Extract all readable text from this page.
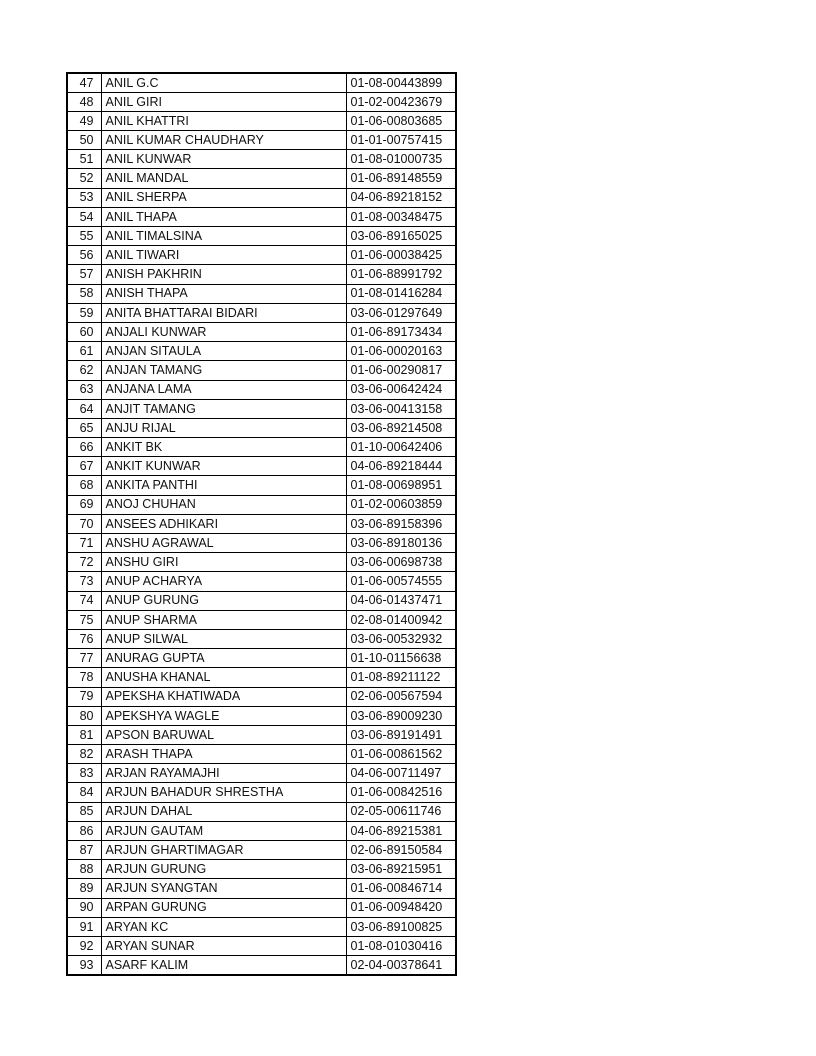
47	ANIL G.C	01-08-00443899
48	ANIL GIRI	01-02-00423679
49	ANIL KHATTRI	01-06-00803685
50	ANIL KUMAR CHAUDHARY	01-01-00757415
51	ANIL KUNWAR	01-08-01000735
52	ANIL MANDAL	01-06-89148559
53	ANIL SHERPA	04-06-89218152
54	ANIL THAPA	01-08-00348475
55	ANIL TIMALSINA	03-06-89165025
56	ANIL TIWARI	01-06-00038425
57	ANISH PAKHRIN	01-06-88991792
58	ANISH THAPA	01-08-01416284
59	ANITA BHATTARAI BIDARI	03-06-01297649
60	ANJALI KUNWAR	01-06-89173434
61	ANJAN SITAULA	01-06-00020163
62	ANJAN TAMANG	01-06-00290817
63	ANJANA LAMA	03-06-00642424
64	ANJIT TAMANG	03-06-00413158
65	ANJU RIJAL	03-06-89214508
66	ANKIT BK	01-10-00642406
67	ANKIT KUNWAR	04-06-89218444
68	ANKITA PANTHI	01-08-00698951
69	ANOJ CHUHAN	01-02-00603859
70	ANSEES ADHIKARI	03-06-89158396
71	ANSHU AGRAWAL	03-06-89180136
72	ANSHU GIRI	03-06-00698738
73	ANUP ACHARYA	01-06-00574555
74	ANUP GURUNG	04-06-01437471
75	ANUP SHARMA	02-08-01400942
76	ANUP SILWAL	03-06-00532932
77	ANURAG GUPTA	01-10-01156638
78	ANUSHA KHANAL	01-08-89211122
79	APEKSHA KHATIWADA	02-06-00567594
80	APEKSHYA WAGLE	03-06-89009230
81	APSON BARUWAL	03-06-89191491
82	ARASH THAPA	01-06-00861562
83	ARJAN RAYAMAJHI	04-06-00711497
84	ARJUN BAHADUR SHRESTHA	01-06-00842516
85	ARJUN DAHAL	02-05-00611746
86	ARJUN GAUTAM	04-06-89215381
87	ARJUN GHARTIMAGAR	02-06-89150584
88	ARJUN GURUNG	03-06-89215951
89	ARJUN SYANGTAN	01-06-00846714
90	ARPAN GURUNG	01-06-00948420
91	ARYAN KC	03-06-89100825
92	ARYAN SUNAR	01-08-01030416
93	ASARF KALIM	02-04-00378641
